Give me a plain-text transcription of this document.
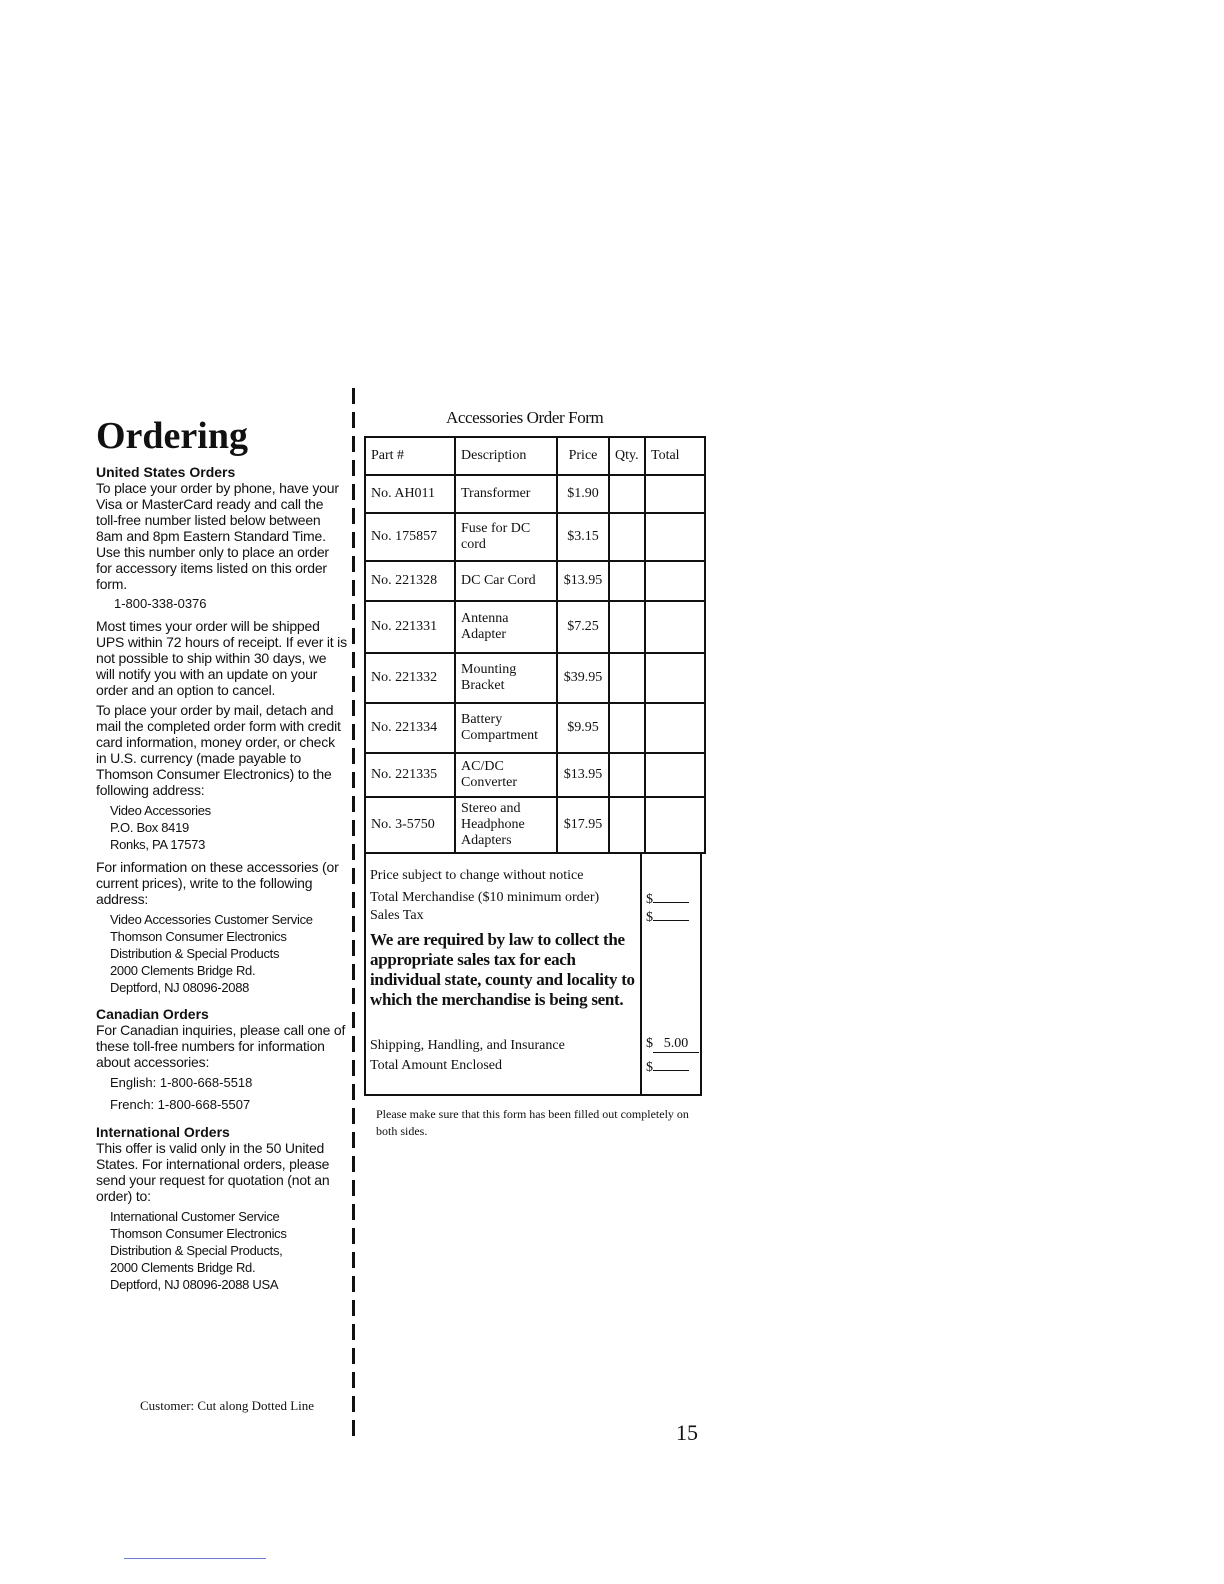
Ordering

United States Orders

To place your order by phone, have your Visa or MasterCard ready and call the toll-free number listed below between 8am and 8pm Eastern Standard Time. Use this number only to place an order for accessory items listed on this order form.

1-800-338-0376

Most times your order will be shipped UPS within 72 hours of receipt. If ever it is not possible to ship within 30 days, we will notify you with an update on your order and an option to cancel.

To place your order by mail, detach and mail the completed order form with credit card information, money order, or check in U.S. currency (made payable to Thomson Consumer Electronics) to the following address:

Video Accessories
P.O. Box 8419
Ronks, PA 17573

For information on these accessories (or current prices), write to the following address:

Video Accessories Customer Service
Thomson Consumer Electronics
Distribution & Special Products
2000 Clements Bridge Rd.
Deptford, NJ 08096-2088

Canadian Orders

For Canadian inquiries, please call one of these toll-free numbers for information about accessories:

English: 1-800-668-5518
French: 1-800-668-5507

International Orders

This offer is valid only in the 50 United States. For international orders, please send your request for quotation (not an order) to:

International Customer Service
Thomson Consumer Electronics
Distribution & Special Products,
2000 Clements Bridge Rd.
Deptford, NJ 08096-2088 USA
Customer: Cut along Dotted Line
Accessories Order Form
Part #	Description	Price	Qty.	Total
No. AH011	Transformer	$1.90		
No. 175857	Fuse for DC cord	$3.15		
No. 221328	DC Car Cord	$13.95		
No. 221331	Antenna Adapter	$7.25		
No. 221332	Mounting Bracket	$39.95		
No. 221334	Battery Compartment	$9.95		
No. 221335	AC/DC Converter	$13.95		
No. 3-5750	Stereo and Headphone Adapters	$17.95		
Price subject to change without notice
Total Merchandise ($10 minimum order)	$
Sales Tax	$
We are required by law to collect the appropriate sales tax for each individual state, county and locality to which the merchandise is being sent.
Shipping, Handling, and Insurance	$ 5.00
Total Amount Enclosed	$
Please make sure that this form has been filled out completely on both sides.
15
